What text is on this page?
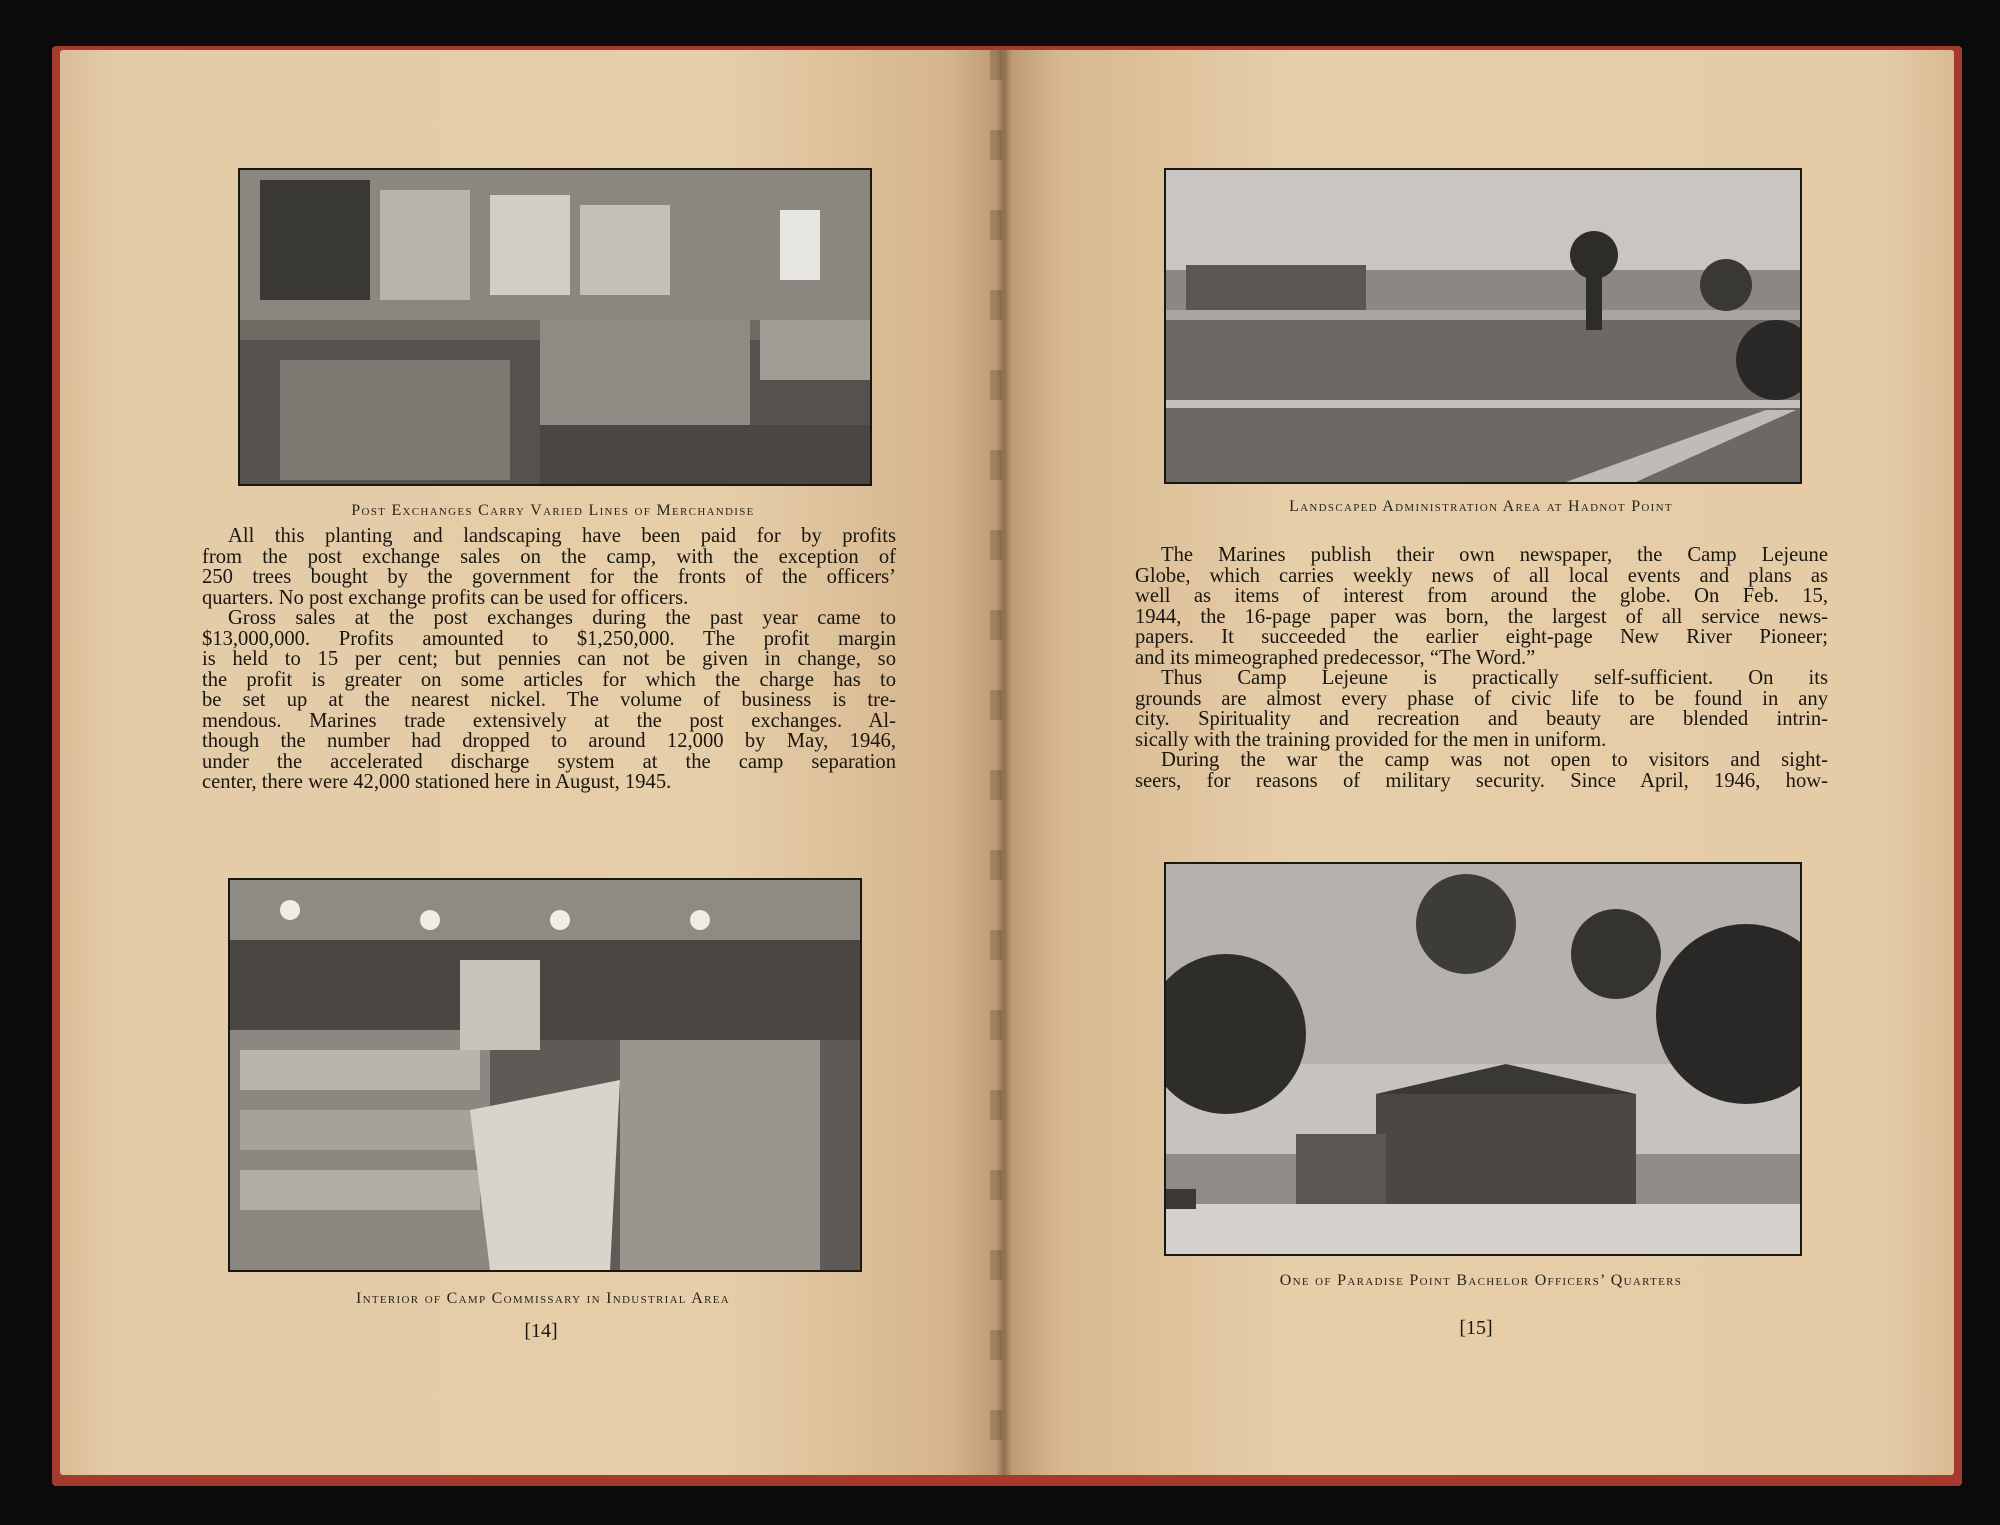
Post Exchanges Carry Varied Lines of Merchandise
All this planting and landscaping have been paid for by profits
from the post exchange sales on the camp, with the exception of
250 trees bought by the government for the fronts of the officers’
quarters. No post exchange profits can be used for officers.
Gross sales at the post exchanges during the past year came to
$13,000,000. Profits amounted to $1,250,000. The profit margin
is held to 15 per cent; but pennies can not be given in change, so
the profit is greater on some articles for which the charge has to
be set up at the nearest nickel. The volume of business is tre-
mendous. Marines trade extensively at the post exchanges. Al-
though the number had dropped to around 12,000 by May, 1946,
under the accelerated discharge system at the camp separation
center, there were 42,000 stationed here in August, 1945.
Interior of Camp Commissary in Industrial Area
[14]
Landscaped Administration Area at Hadnot Point
The Marines publish their own newspaper, the Camp Lejeune
Globe, which carries weekly news of all local events and plans as
well as items of interest from around the globe. On Feb. 15,
1944, the 16-page paper was born, the largest of all service news-
papers. It succeeded the earlier eight-page New River Pioneer;
and its mimeographed predecessor, “The Word.”
Thus Camp Lejeune is practically self-sufficient. On its
grounds are almost every phase of civic life to be found in any
city. Spirituality and recreation and beauty are blended intrin-
sically with the training provided for the men in uniform.
During the war the camp was not open to visitors and sight-
seers, for reasons of military security. Since April, 1946, how-
One of Paradise Point Bachelor Officers’ Quarters
[15]
